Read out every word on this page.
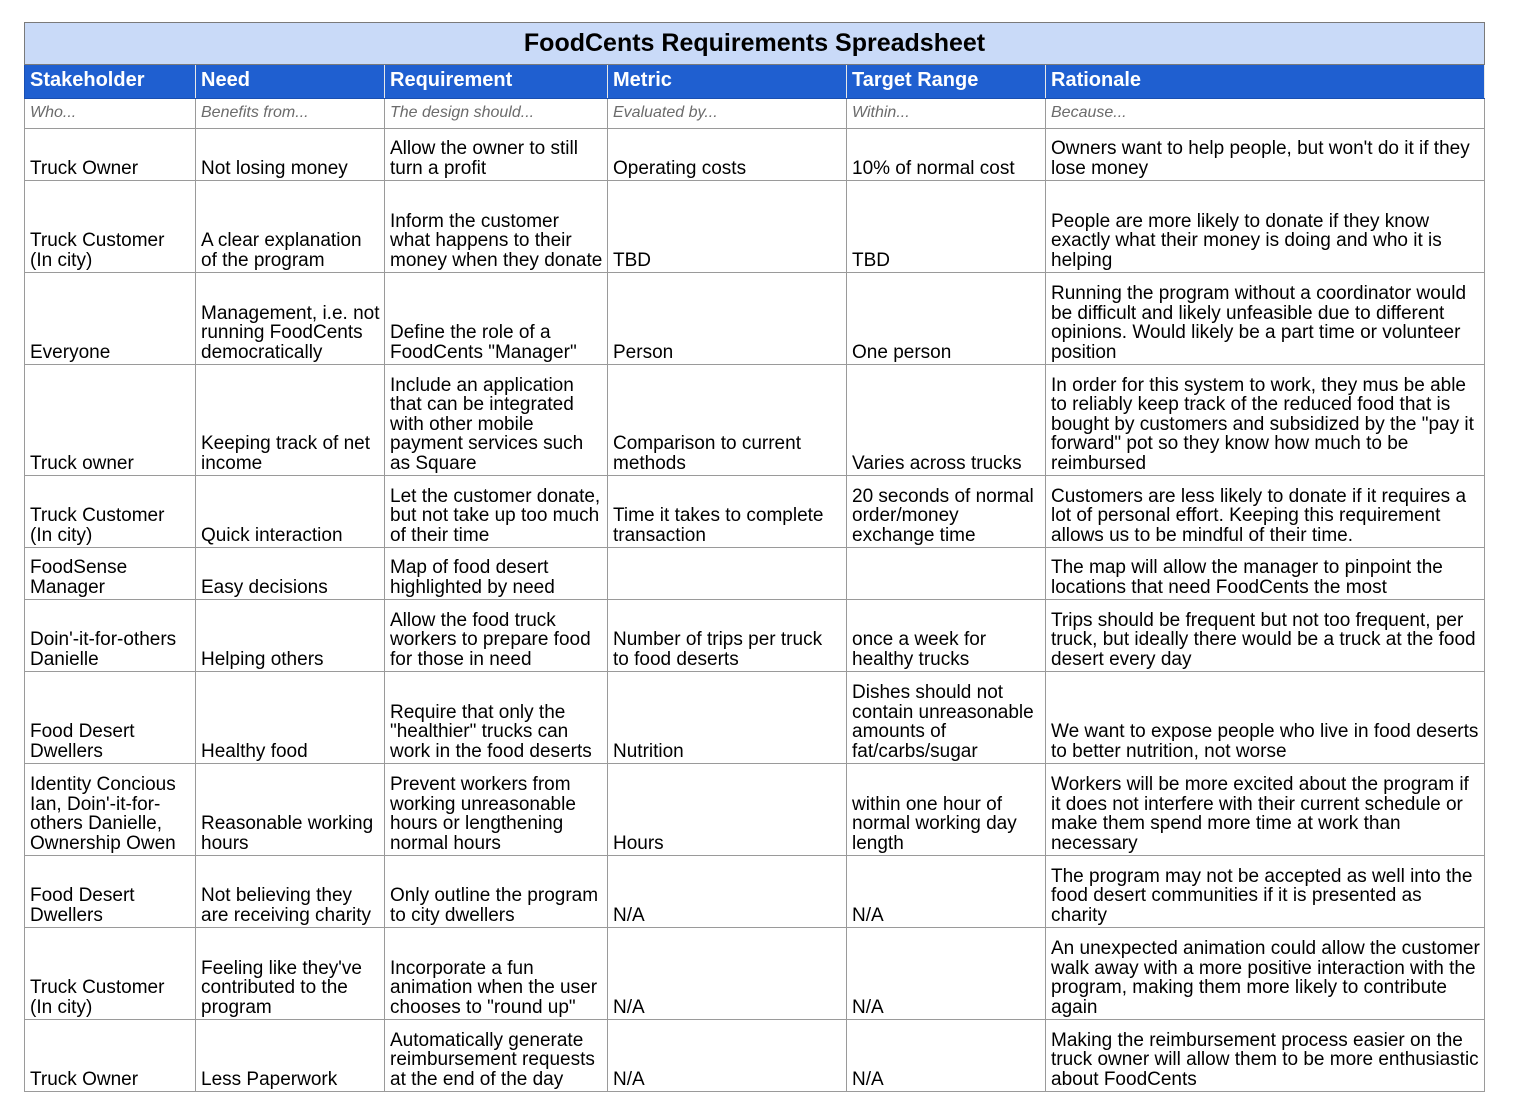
FoodCents Requirements Spreadsheet					
Stakeholder	Need	Requirement	Metric	Target Range	Rationale
Who...	Benefits from...	The design should...	Evaluated by...	Within...	Because...
Truck Owner	Not losing money	Allow the owner to still turn a profit	Operating costs	10% of normal cost	Owners want to help people, but won't do it if they lose money
Truck Customer (In city)	A clear explanation of the program	Inform the customer what happens to their money when they donate	TBD	TBD	People are more likely to donate if they know exactly what their money is doing and who it is helping
Everyone	Management, i.e. not running FoodCents democratically	Define the role of a FoodCents "Manager"	Person	One person	Running the program without a coordinator would be difficult and likely unfeasible due to different opinions. Would likely be a part time or volunteer position
Truck owner	Keeping track of net income	Include an application that can be integrated with other mobile payment services such as Square	Comparison to current methods	Varies across trucks	In order for this system to work, they mus be able to reliably keep track of the reduced food that is bought by customers and subsidized by the "pay it forward" pot so they know how much to be reimbursed
Truck Customer (In city)	Quick interaction	Let the customer donate, but not take up too much of their time	Time it takes to complete transaction	20 seconds of normal order/money exchange time	Customers are less likely to donate if it requires a lot of personal effort. Keeping this requirement allows us to be mindful of their time.
FoodSense Manager	Easy decisions	Map of food desert highlighted by need			The map will allow the manager to pinpoint the locations that need FoodCents the most
Doin'-it-for-others Danielle	Helping others	Allow the food truck workers to prepare food for those in need	Number of trips per truck to food deserts	once a week for healthy trucks	Trips should be frequent but not too frequent, per truck, but ideally there would be a truck at the food desert every day
Food Desert Dwellers	Healthy food	Require that only the "healthier" trucks can work in the food deserts	Nutrition	Dishes should not contain unreasonable amounts of fat/carbs/sugar	We want to expose people who live in food deserts to better nutrition, not worse
Identity Concious Ian, Doin'-it-for-others Danielle, Ownership Owen	Reasonable working hours	Prevent workers from working unreasonable hours or lengthening normal hours	Hours	within one hour of normal working day length	Workers will be more excited about the program if it does not interfere with their current schedule or make them spend more time at work than necessary
Food Desert Dwellers	Not believing they are receiving charity	Only outline the program to city dwellers	N/A	N/A	The program may not be accepted as well into the food desert communities if it is presented as charity
Truck Customer (In city)	Feeling like they've contributed to the program	Incorporate a fun animation when the user chooses to "round up"	N/A	N/A	An unexpected animation could allow the customer walk away with a more positive interaction with the program, making them more likely to contribute again
Truck Owner	Less Paperwork	Automatically generate reimbursement requests at the end of the day	N/A	N/A	Making the reimbursement process easier on the truck owner will allow them to be more enthusiastic about FoodCents
